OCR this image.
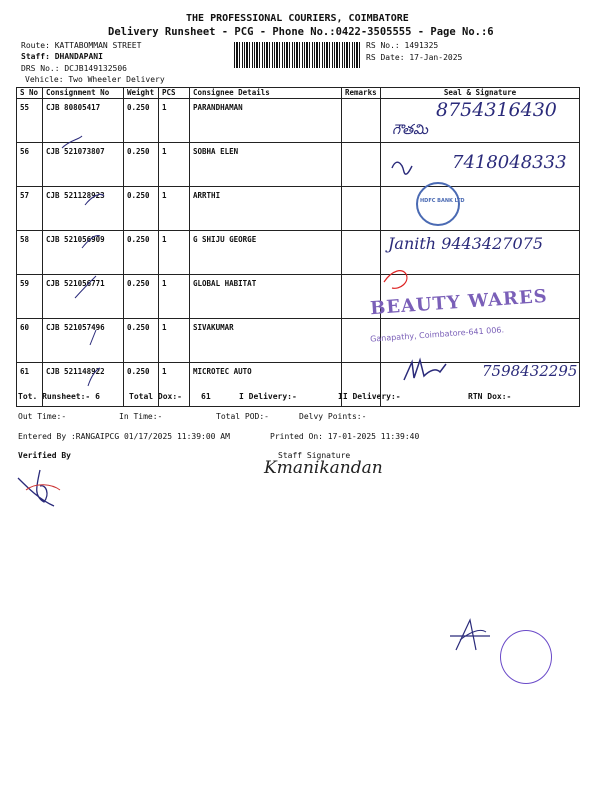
THE PROFESSIONAL COURIERS, COIMBATORE
Delivery Runsheet - PCG - Phone No.:0422-3505555 - Page No.:6
Route: KATTABOMMAN STREET
Staff: DHANDAPANI
DRS No.: DCJB149132506
Vehicle: Two Wheeler Delivery
RS No.: 1491325
RS Date: 17-Jan-2025
S No	Consignment No	Weight	PCS	Consignee Details	Remarks	Seal & Signature
55	CJB 80805417	0.250	1	PARANDHAMAN		
56	CJB 521073807	0.250	1	SOBHA ELEN		
57	CJB 521128923	0.250	1	ARRTHI		
58	CJB 521056909	0.250	1	G SHIJU GEORGE		
59	CJB 521056771	0.250	1	GLOBAL HABITAT		
60	CJB 521057496	0.250	1	SIVAKUMAR		
61	CJB 521148922	0.250	1	MICROTEC AUTO		
8754316430
గౌతమి
7418048333
Janith 9443427075
7598432295
HDFC BANK LTD
BEAUTY WARES
Ganapathy, Coimbatore-641 006.
Tot. Runsheet:- 6	Total Dox:- 61	I Delivery:-	II Delivery:-	RTN Dox:-
Out Time:-	In Time:-	Total POD:-	Delvy Points:-
Entered By :RANGAIPCG 01/17/2025 11:39:00 AM	Printed On: 17-01-2025 11:39:40
Verified By	Staff Signature
Kmanikandan
